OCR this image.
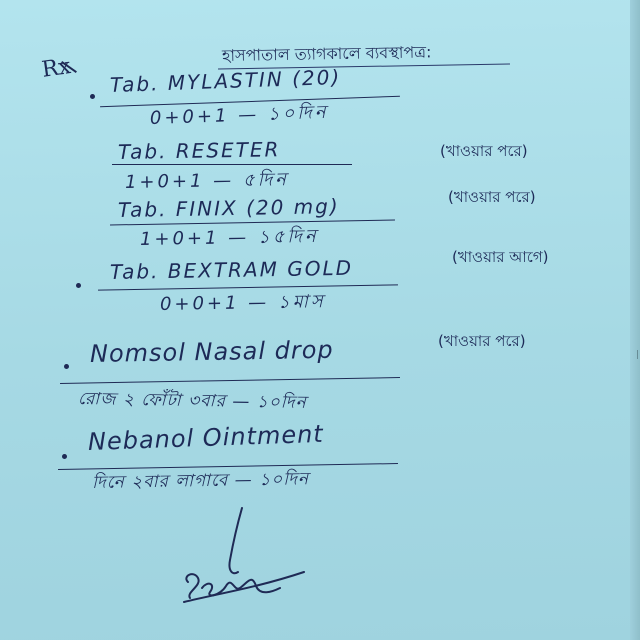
|
হাসপাতাল ত্যাগকালে ব্যবস্থাপত্র:
Rx Tab. MYLASTIN (20)
0+0+1 — ১০দিন
Tab. RESETER
1+0+1 — ৫দিন
(খাওয়ার পরে)
Tab. FINIX (20 mg)
1+0+1 — ১৫দিন
(খাওয়ার পরে)
Tab. BEXTRAM GOLD
0+0+1 — ১মাস
(খাওয়ার আগে)
Nomsol Nasal drop
রোজ ২ ফোঁটা ৩বার — ১০দিন
(খাওয়ার পরে)
Nebanol Ointment
দিনে ২বার লাগাবে — ১০দিন
